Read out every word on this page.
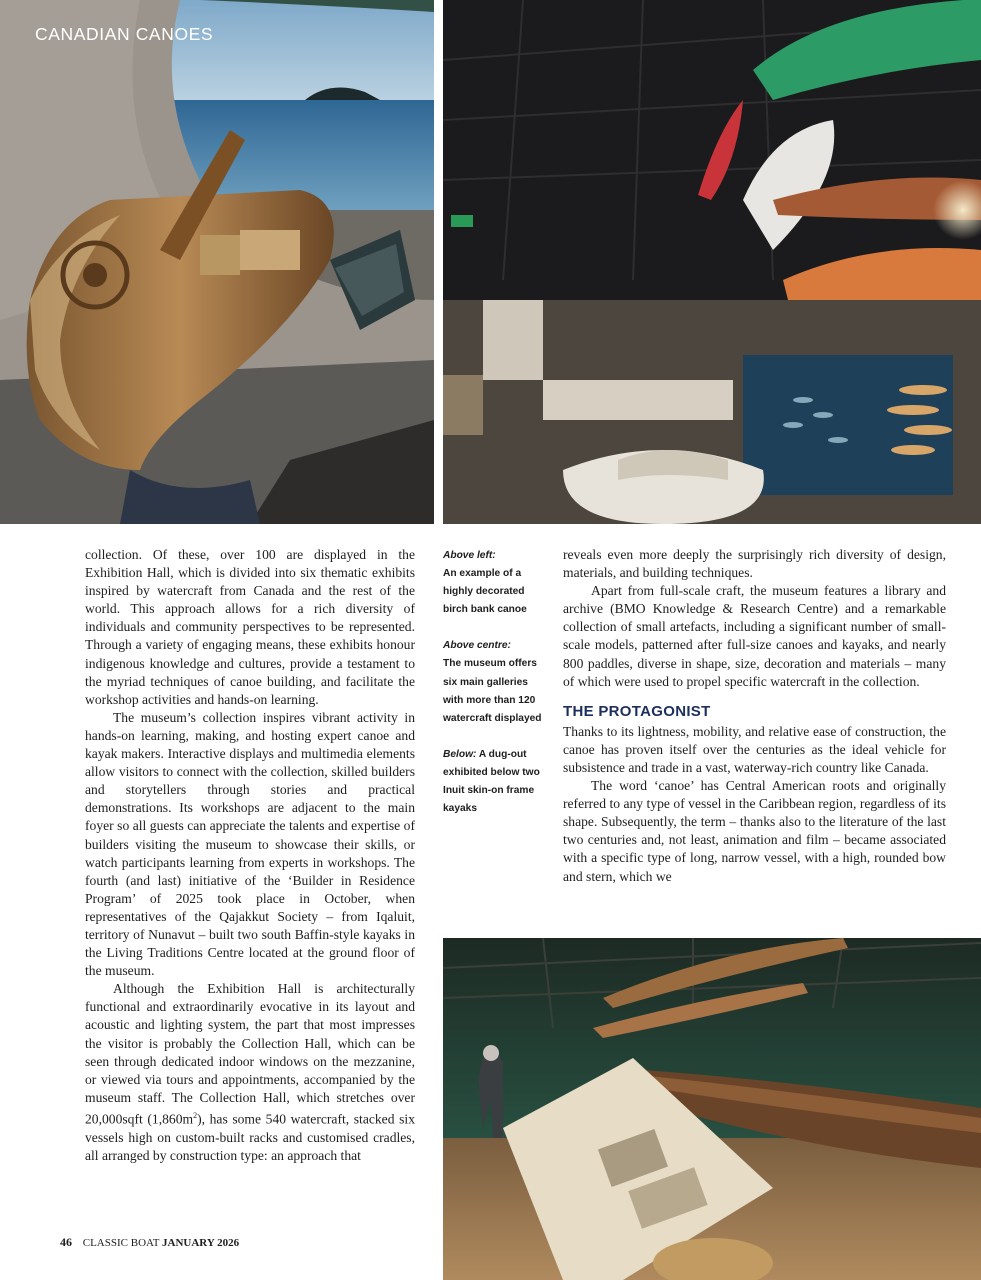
CANADIAN CANOES

collection. Of these, over 100 are displayed in the Exhibition Hall, which is divided into six thematic exhibits inspired by watercraft from Canada and the rest of the world. This approach allows for a rich diversity of individuals and community perspectives to be represented. Through a variety of engaging means, these exhibits honour indigenous knowledge and cultures, provide a testament to the myriad techniques of canoe building, and facilitate the workshop activities and hands-on learning.

The museum’s collection inspires vibrant activity in hands-on learning, making, and hosting expert canoe and kayak makers. Interactive displays and multimedia elements allow visitors to connect with the collection, skilled builders and storytellers through stories and practical demonstrations. Its workshops are adjacent to the main foyer so all guests can appreciate the talents and expertise of builders visiting the museum to showcase their skills, or watch participants learning from experts in workshops. The fourth (and last) initiative of the ‘Builder in Residence Program’ of 2025 took place in October, when representatives of the Qajakkut Society – from Iqaluit, territory of Nunavut – built two south Baffin-style kayaks in the Living Traditions Centre located at the ground floor of the museum.

Although the Exhibition Hall is architecturally functional and extraordinarily evocative in its layout and acoustic and lighting system, the part that most impresses the visitor is probably the Collection Hall, which can be seen through dedicated indoor windows on the mezzanine, or viewed via tours and appointments, accompanied by the museum staff. The Collection Hall, which stretches over 20,000sqft $(1,860m^2)$, has some 540 watercraft, stacked six vessels high on custom-built racks and customised cradles, all arranged by construction type: an approach that

Above left:
An example of a highly decorated birch bank canoe

Above centre:
The museum offers six main galleries with more than 120 watercraft displayed

Below: A dug-out exhibited below two Inuit skin-on frame kayaks

reveals even more deeply the surprisingly rich diversity of design, materials, and building techniques.

Apart from full-scale craft, the museum features a library and archive (BMO Knowledge & Research Centre) and a remarkable collection of small artefacts, including a significant number of small-scale models, patterned after full-size canoes and kayaks, and nearly 800 paddles, diverse in shape, size, decoration and materials – many of which were used to propel specific watercraft in the collection.

THE PROTAGONIST

Thanks to its lightness, mobility, and relative ease of construction, the canoe has proven itself over the centuries as the ideal vehicle for subsistence and trade in a vast, waterway-rich country like Canada.

The word ‘canoe’ has Central American roots and originally referred to any type of vessel in the Caribbean region, regardless of its shape. Subsequently, the term – thanks also to the literature of the last two centuries and, not least, animation and film – became associated with a specific type of long, narrow vessel, with a high, rounded bow and stern, which we

46 CLASSIC BOAT JANUARY 2026
